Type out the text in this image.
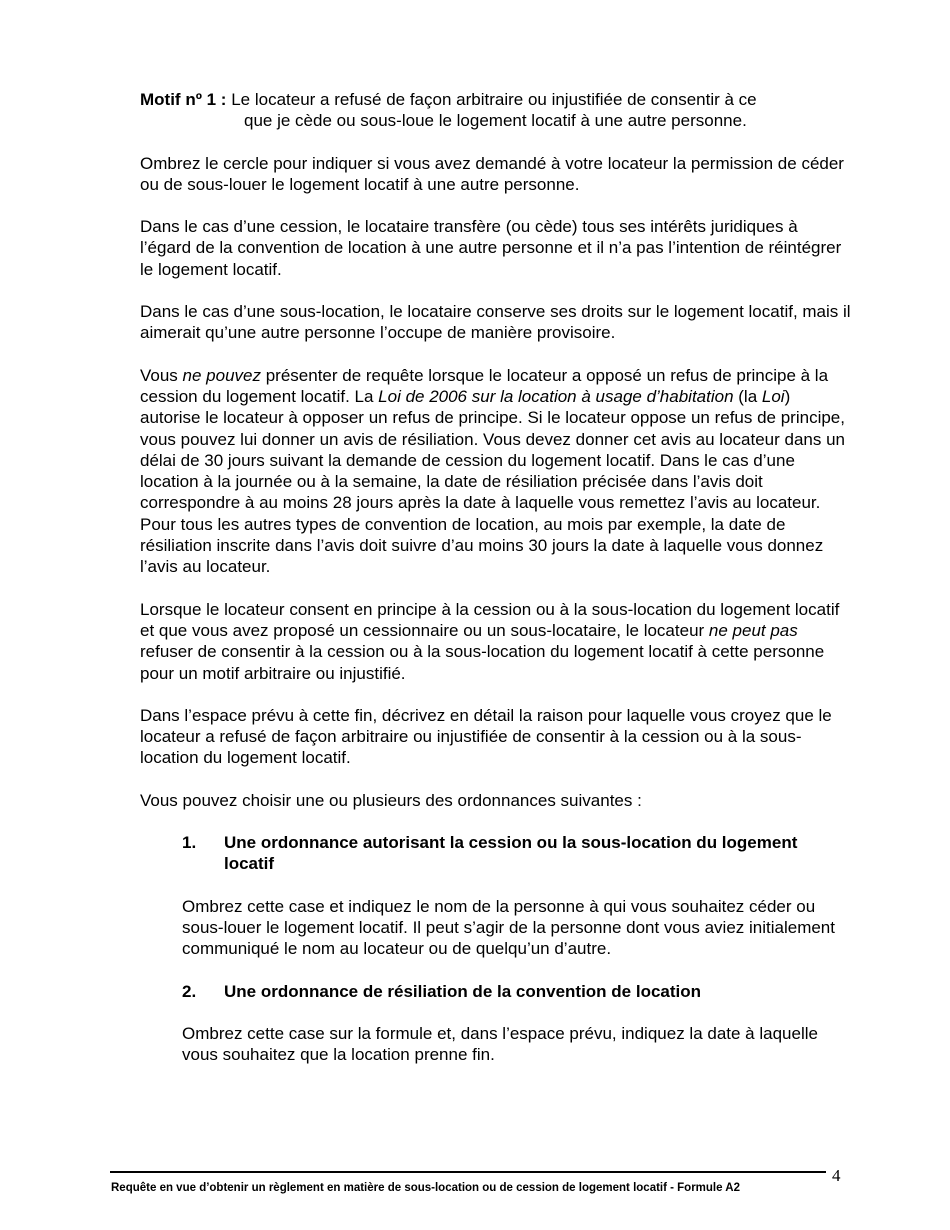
Motif nº 1 : Le locateur a refusé de façon arbitraire ou injustifiée de consentir à ce
que je cède ou sous-loue le logement locatif à une autre personne.

Ombrez le cercle pour indiquer si vous avez demandé à votre locateur la permission de céder ou de sous-louer le logement locatif à une autre personne.

Dans le cas d’une cession, le locataire transfère (ou cède) tous ses intérêts juridiques à l’égard de la convention de location à une autre personne et il n’a pas l’intention de réintégrer le logement locatif.

Dans le cas d’une sous-location, le locataire conserve ses droits sur le logement locatif, mais il aimerait qu’une autre personne l’occupe de manière provisoire.

Vous ne pouvez présenter de requête lorsque le locateur a opposé un refus de principe à la cession du logement locatif. La Loi de 2006 sur la location à usage d’habitation (la Loi) autorise le locateur à opposer un refus de principe. Si le locateur oppose un refus de principe, vous pouvez lui donner un avis de résiliation. Vous devez donner cet avis au locateur dans un délai de 30 jours suivant la demande de cession du logement locatif. Dans le cas d’une location à la journée ou à la semaine, la date de résiliation précisée dans l’avis doit correspondre à au moins 28 jours après la date à laquelle vous remettez l’avis au locateur. Pour tous les autres types de convention de location, au mois par exemple, la date de résiliation inscrite dans l’avis doit suivre d’au moins 30 jours la date à laquelle vous donnez l’avis au locateur.

Lorsque le locateur consent en principe à la cession ou à la sous-location du logement locatif et que vous avez proposé un cessionnaire ou un sous-locataire, le locateur ne peut pas refuser de consentir à la cession ou à la sous-location du logement locatif à cette personne pour un motif arbitraire ou injustifié.

Dans l’espace prévu à cette fin, décrivez en détail la raison pour laquelle vous croyez que le locateur a refusé de façon arbitraire ou injustifiée de consentir à la cession ou à la sous-location du logement locatif.

Vous pouvez choisir une ou plusieurs des ordonnances suivantes :

1. Une ordonnance autorisant la cession ou la sous-location du logement locatif

Ombrez cette case et indiquez le nom de la personne à qui vous souhaitez céder ou sous-louer le logement locatif. Il peut s’agir de la personne dont vous aviez initialement communiqué le nom au locateur ou de quelqu’un d’autre.

2. Une ordonnance de résiliation de la convention de location

Ombrez cette case sur la formule et, dans l’espace prévu, indiquez la date à laquelle vous souhaitez que la location prenne fin.

4
Requête en vue d’obtenir un règlement en matière de sous-location ou de cession de logement locatif - Formule A2
